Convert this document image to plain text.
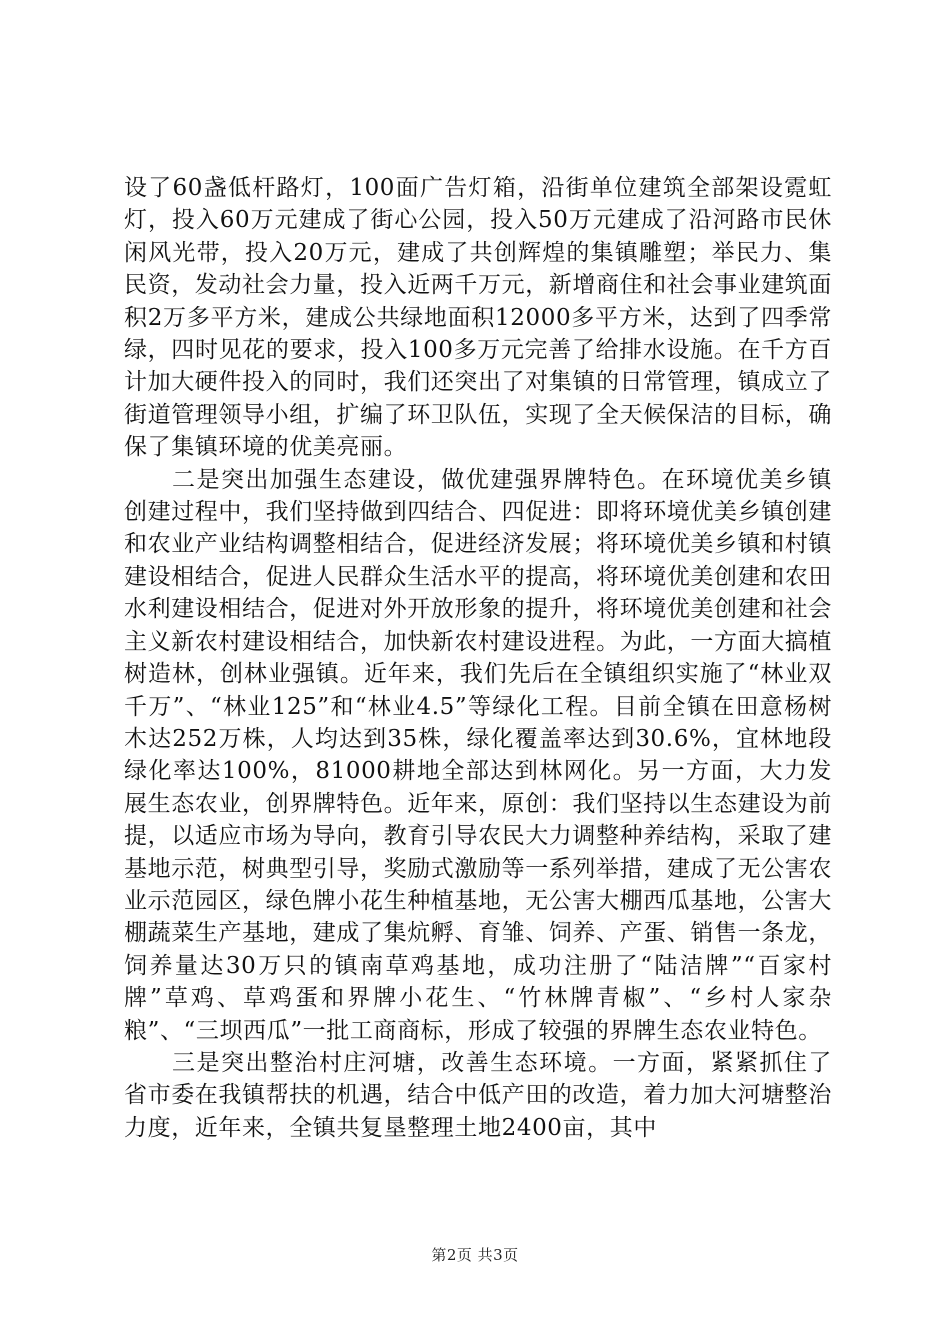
设了60盏低杆路灯，100面广告灯箱，沿街单位建筑全部架设霓虹灯，投入60万元建成了街心公园，投入50万元建成了沿河路市民休闲风光带，投入20万元，建成了共创辉煌的集镇雕塑；举民力、集民资，发动社会力量，投入近两千万元，新增商住和社会事业建筑面积2万多平方米，建成公共绿地面积12000多平方米，达到了四季常绿，四时见花的要求，投入100多万元完善了给排水设施。在千方百计加大硬件投入的同时，我们还突出了对集镇的日常管理，镇成立了街道管理领导小组，扩编了环卫队伍，实现了全天候保洁的目标，确保了集镇环境的优美亮丽。

二是突出加强生态建设，做优建强界牌特色。在环境优美乡镇创建过程中，我们坚持做到四结合、四促进：即将环境优美乡镇创建和农业产业结构调整相结合，促进经济发展；将环境优美乡镇和村镇建设相结合，促进人民群众生活水平的提高，将环境优美创建和农田水利建设相结合，促进对外开放形象的提升，将环境优美创建和社会主义新农村建设相结合，加快新农村建设进程。为此，一方面大搞植树造林，创林业强镇。近年来，我们先后在全镇组织实施了“林业双千万”、“林业125”和“林业4.5”等绿化工程。目前全镇在田意杨树木达252万株，人均达到35株，绿化覆盖率达到30.6%，宜林地段绿化率达100%，81000耕地全部达到林网化。另一方面，大力发展生态农业，创界牌特色。近年来，原创：我们坚持以生态建设为前提，以适应市场为导向，教育引导农民大力调整种养结构，采取了建基地示范，树典型引导，奖励式激励等一系列举措，建成了无公害农业示范园区，绿色牌小花生种植基地，无公害大棚西瓜基地，公害大棚蔬菜生产基地，建成了集炕孵、育雏、饲养、产蛋、销售一条龙，饲养量达30万只的镇南草鸡基地，成功注册了“陆洁牌”“百家村牌”草鸡、草鸡蛋和界牌小花生、“竹林牌青椒”、“乡村人家杂粮”、“三坝西瓜”一批工商商标，形成了较强的界牌生态农业特色。

三是突出整治村庄河塘，改善生态环境。一方面，紧紧抓住了省市委在我镇帮扶的机遇，结合中低产田的改造，着力加大河塘整治力度，近年来，全镇共复垦整理土地2400亩，其中

第2页 共3页
